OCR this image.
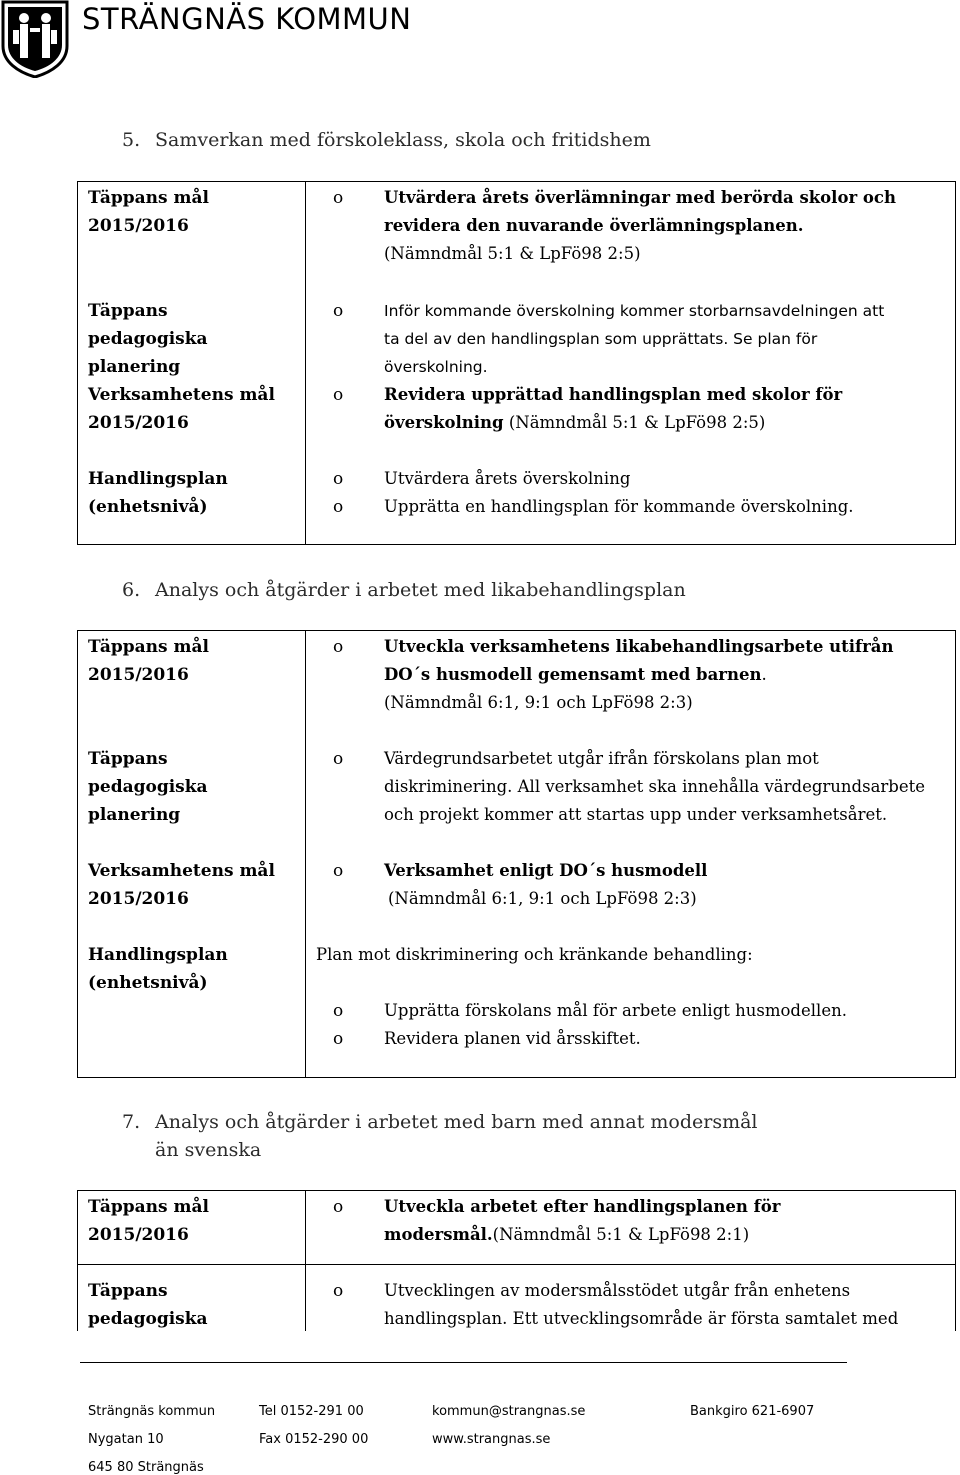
STRÄNGNÄS KOMMUN
5. Samverkan med förskoleklass, skola och fritidshem
Täppans mål
2015/2016
Täppans
pedagogiska
planering
Verksamhetens mål
2015/2016
Handlingsplan
(enhetsnivå)
o Utvärdera årets överlämningar med berörda skolor och
revidera den nuvarande överlämningsplanen.
(Nämndmål 5:1 & LpFö98 2:5)
o	Inför kommande överskolning kommer storbarnsavdelningen att
ta del av den handlingsplan som upprättats. Se plan för
överskolning.
o Revidera upprättad handlingsplan med skolor för
överskolning (Nämndmål 5:1 & LpFö98 2:5)
o Utvärdera årets överskolning
o Upprätta en handlingsplan för kommande överskolning.
6. Analys och åtgärder i arbetet med likabehandlingsplan
Täppans mål
2015/2016
Täppans
pedagogiska
planering
Verksamhetens mål
2015/2016
Handlingsplan
(enhetsnivå)
o Utveckla verksamhetens likabehandlingsarbete utifrån
DO´s husmodell gemensamt med barnen.
(Nämndmål 6:1, 9:1 och LpFö98 2:3)
o Värdegrundsarbetet utgår ifrån förskolans plan mot
diskriminering. All verksamhet ska innehålla värdegrundsarbete
och projekt kommer att startas upp under verksamhetsåret.
o Verksamhet enligt DO´s husmodell
(Nämndmål 6:1, 9:1 och LpFö98 2:3)
Plan mot diskriminering och kränkande behandling:
o Upprätta förskolans mål för arbete enligt husmodellen.
o Revidera planen vid årsskiftet.
7. Analys och åtgärder i arbetet med barn med annat modersmål
än svenska
Täppans mål
2015/2016
Täppans
pedagogiska
o Utveckla arbetet efter handlingsplanen för
modersmål.(Nämndmål 5:1 & LpFö98 2:1)
o Utvecklingen av modersmålsstödet utgår från enhetens
handlingsplan. Ett utvecklingsområde är första samtalet med
Strängnäs kommun
Nygatan 10
645 80 Strängnäs
Tel 0152-291 00
Fax 0152-290 00
kommun@strangnas.se
www.strangnas.se
Bankgiro 621-6907
